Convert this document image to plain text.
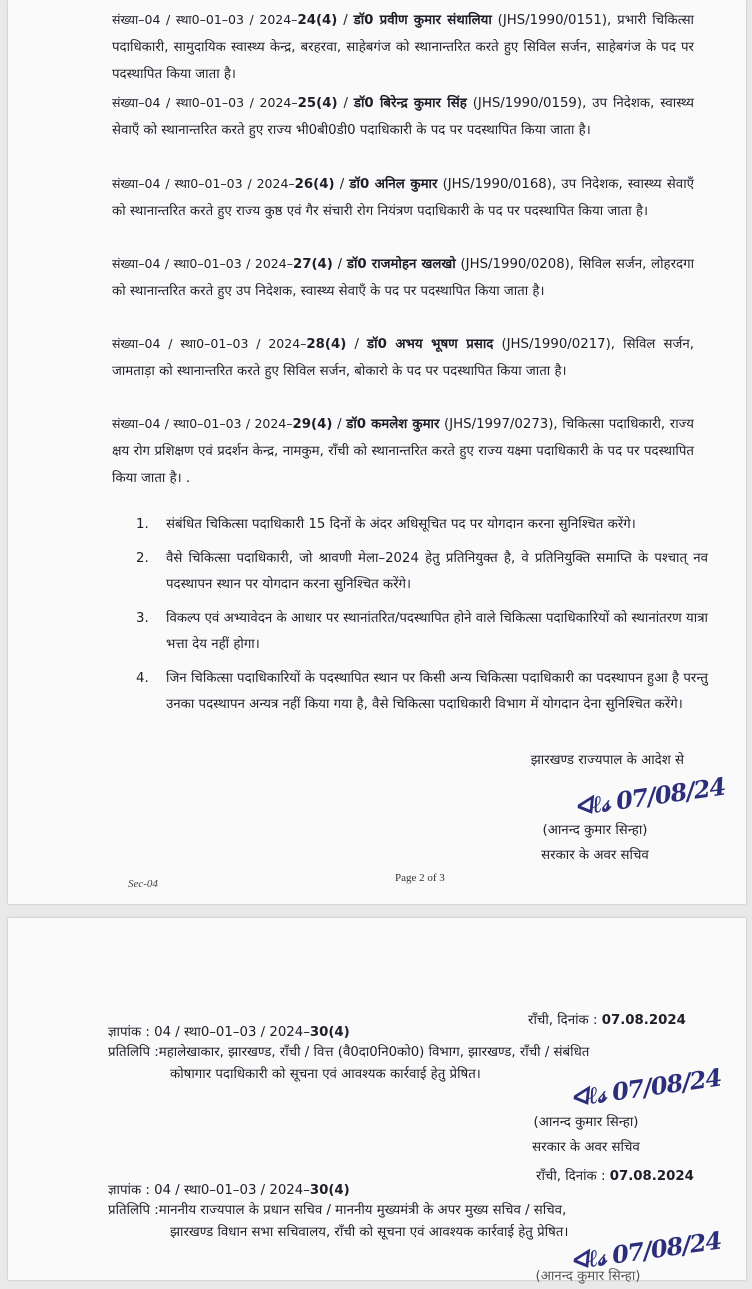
संख्या–04 / स्था0–01–03 / 2024–24(4) / डॉ0 प्रवीण कुमार संथालिया (JHS/1990/0151), प्रभारी चिकित्सा पदाधिकारी, सामुदायिक स्वास्थ्य केन्द्र, बरहरवा, साहेबगंज को स्थानान्तरित करते हुए सिविल सर्जन, साहेबगंज के पद पर पदस्थापित किया जाता है।

संख्या–04 / स्था0–01–03 / 2024–25(4) / डॉ0 बिरेन्द्र कुमार सिंह (JHS/1990/0159), उप निदेशक, स्वास्थ्य सेवाएँ को स्थानान्तरित करते हुए राज्य भी0बी0डी0 पदाधिकारी के पद पर पदस्थापित किया जाता है।

संख्या–04 / स्था0–01–03 / 2024–26(4) / डॉ0 अनिल कुमार (JHS/1990/0168), उप निदेशक, स्वास्थ्य सेवाएँ को स्थानान्तरित करते हुए राज्य कुष्ठ एवं गैर संचारी रोग नियंत्रण पदाधिकारी के पद पर पदस्थापित किया जाता है।

संख्या–04 / स्था0–01–03 / 2024–27(4) / डॉ0 राजमोहन खलखो (JHS/1990/0208), सिविल सर्जन, लोहरदगा को स्थानान्तरित करते हुए उप निदेशक, स्वास्थ्य सेवाएँ के पद पर पदस्थापित किया जाता है।

संख्या–04 / स्था0–01–03 / 2024–28(4) / डॉ0 अभय भूषण प्रसाद (JHS/1990/0217), सिविल सर्जन, जामताड़ा को स्थानान्तरित करते हुए सिविल सर्जन, बोकारो के पद पर पदस्थापित किया जाता है।

संख्या–04 / स्था0–01–03 / 2024–29(4) / डॉ0 कमलेश कुमार (JHS/1997/0273), चिकित्सा पदाधिकारी, राज्य क्षय रोग प्रशिक्षण एवं प्रदर्शन केन्द्र, नामकुम, राँची को स्थानान्तरित करते हुए राज्य यक्ष्मा पदाधिकारी के पद पर पदस्थापित किया जाता है। .

1. संबंधित चिकित्सा पदाधिकारी 15 दिनों के अंदर अधिसूचित पद पर योगदान करना सुनिश्चित करेंगे।
2. वैसे चिकित्सा पदाधिकारी, जो श्रावणी मेला–2024 हेतु प्रतिनियुक्त है, वे प्रतिनियुक्ति समाप्ति के पश्चात् नव पदस्थापन स्थान पर योगदान करना सुनिश्चित करेंगे।
3. विकल्प एवं अभ्यावेदन के आधार पर स्थानांतरित/पदस्थापित होने वाले चिकित्सा पदाधिकारियों को स्थानांतरण यात्रा भत्ता देय नहीं होगा।
4. जिन चिकित्सा पदाधिकारियों के पदस्थापित स्थान पर किसी अन्य चिकित्सा पदाधिकारी का पदस्थापन हुआ है परन्तु उनका पदस्थापन अन्यत्र नहीं किया गया है, वैसे चिकित्सा पदाधिकारी विभाग में योगदान देना सुनिश्चित करेंगे।
झारखण्ड राज्यपाल के आदेश से
ᐊℓ𝓈 07/08/24
(आनन्द कुमार सिन्हा)
सरकार के अवर सचिव
Sec-04	Page 2 of 3
राँची, दिनांक : 07.08.2024
ज्ञापांक : 04 / स्था0–01–03 / 2024–30(4)
प्रतिलिपि :महालेखाकार, झारखण्ड, राँची / वित्त (वै0दा0नि0को0) विभाग, झारखण्ड, राँची / संबंधित
कोषागार पदाधिकारी को सूचना एवं आवश्यक कार्रवाई हेतु प्रेषित।	ᐊℓ𝓈 07/08/24
(आनन्द कुमार सिन्हा)
सरकार के अवर सचिव
राँची, दिनांक : 07.08.2024
ज्ञापांक : 04 / स्था0–01–03 / 2024–30(4)
प्रतिलिपि :माननीय राज्यपाल के प्रधान सचिव / माननीय मुख्यमंत्री के अपर मुख्य सचिव / सचिव,
झारखण्ड विधान सभा सचिवालय, राँची को सूचना एवं आवश्यक कार्रवाई हेतु प्रेषित। ᐊℓ𝓈 07/08/24
(आनन्द कुमार सिन्हा)
